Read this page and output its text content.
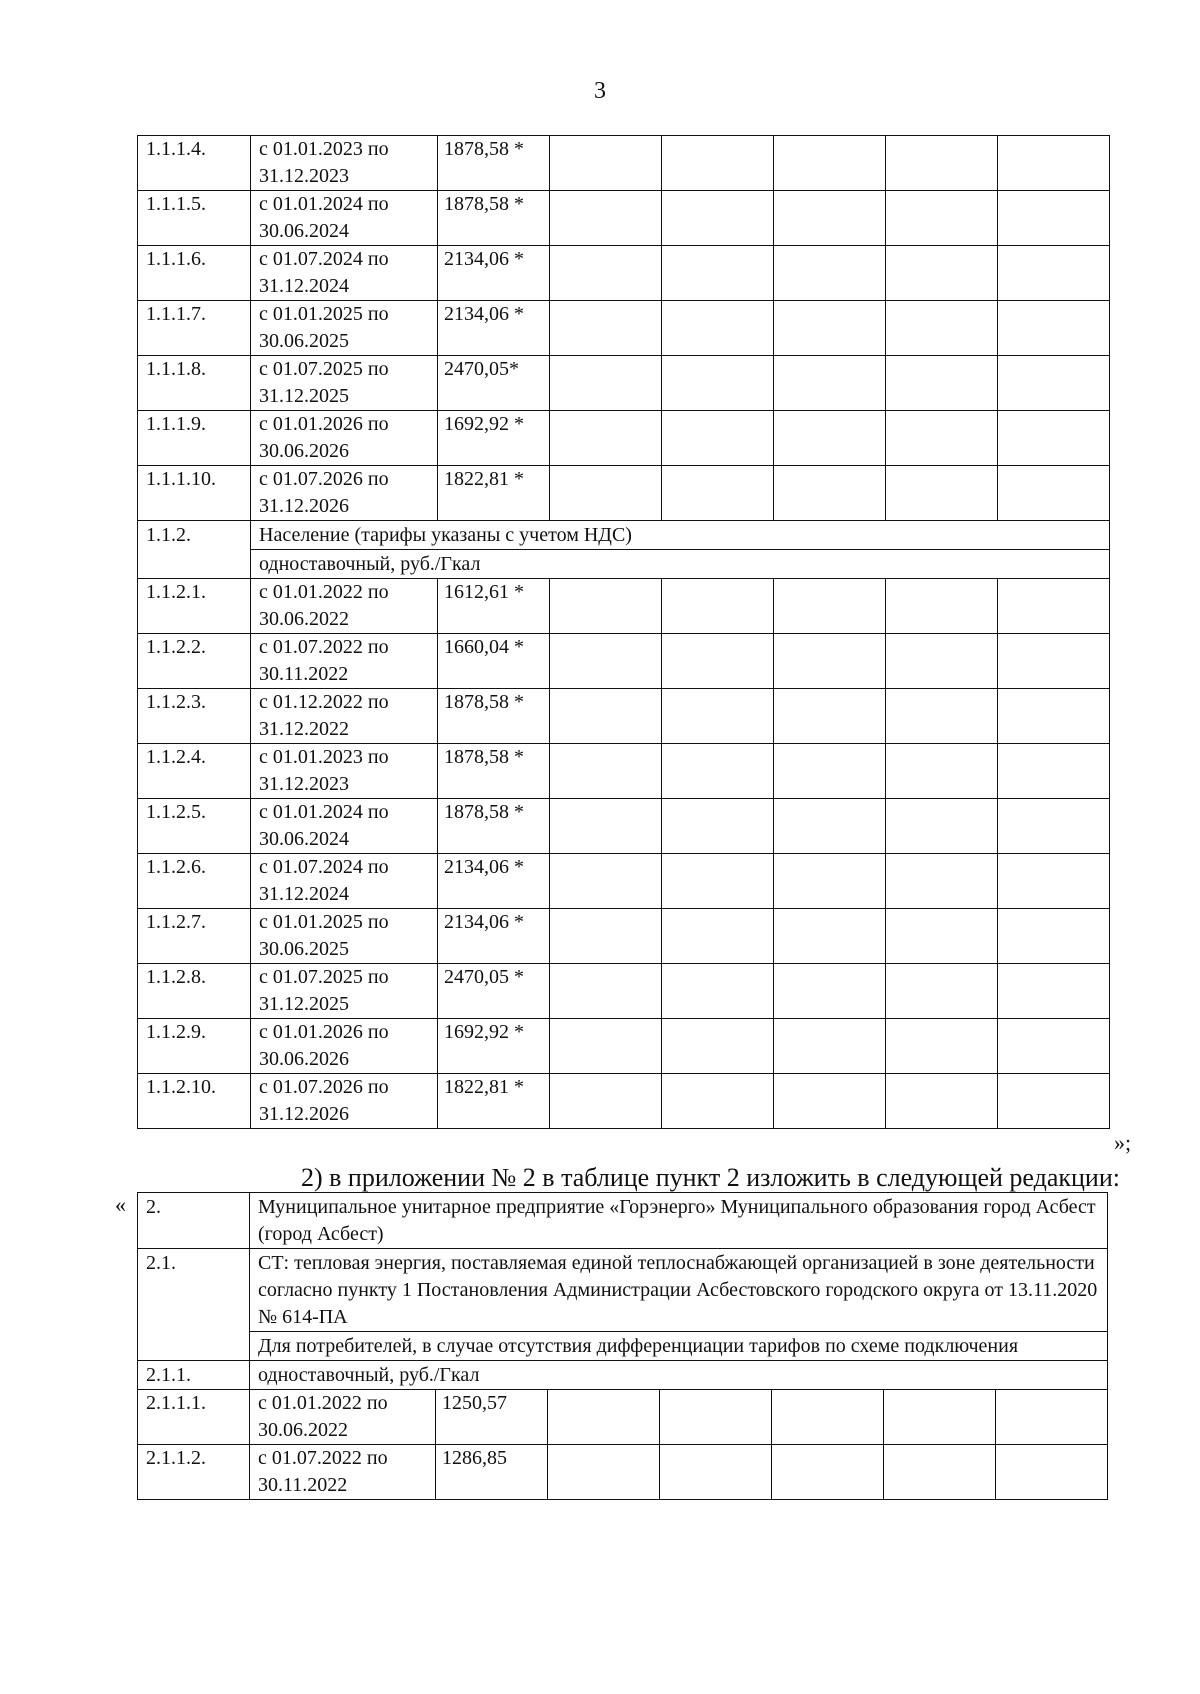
3
1.1.1.4.	с 01.01.2023 по 31.12.2023	1878,58 *					
1.1.1.5.	с 01.01.2024 по 30.06.2024	1878,58 *					
1.1.1.6.	с 01.07.2024 по 31.12.2024	2134,06 *					
1.1.1.7.	с 01.01.2025 по 30.06.2025	2134,06 *					
1.1.1.8.	с 01.07.2025 по 31.12.2025	2470,05*					
1.1.1.9.	с 01.01.2026 по 30.06.2026	1692,92 *					
1.1.1.10.	с 01.07.2026 по 31.12.2026	1822,81 *					
1.1.2.	Население (тарифы указаны с учетом НДС)						
	одноставочный, руб./Гкал						
1.1.2.1.	с 01.01.2022 по 30.06.2022	1612,61 *					
1.1.2.2.	с 01.07.2022 по 30.11.2022	1660,04 *					
1.1.2.3.	с 01.12.2022 по 31.12.2022	1878,58 *					
1.1.2.4.	с 01.01.2023 по 31.12.2023	1878,58 *					
1.1.2.5.	с 01.01.2024 по 30.06.2024	1878,58 *					
1.1.2.6.	с 01.07.2024 по 31.12.2024	2134,06 *					
1.1.2.7.	с 01.01.2025 по 30.06.2025	2134,06 *					
1.1.2.8.	с 01.07.2025 по 31.12.2025	2470,05 *					
1.1.2.9.	с 01.01.2026 по 30.06.2026	1692,92 *					
1.1.2.10.	с 01.07.2026 по 31.12.2026	1822,81 *					
»;
2) в приложении № 2 в таблице пункт 2 изложить в следующей редакции:
« 2.	Муниципальное унитарное предприятие «Горэнерго» Муниципального образования город Асбест (город Асбест)						
2.1.	СТ: тепловая энергия, поставляемая единой теплоснабжающей организацией в зоне деятельности согласно пункту 1 Постановления Администрации Асбестовского городского округа от 13.11.2020 № 614-ПА						
	Для потребителей, в случае отсутствия дифференциации тарифов по схеме подключения						
2.1.1.	одноставочный, руб./Гкал						
2.1.1.1.	с 01.01.2022 по 30.06.2022	1250,57					
2.1.1.2.	с 01.07.2022 по 30.11.2022	1286,85					
